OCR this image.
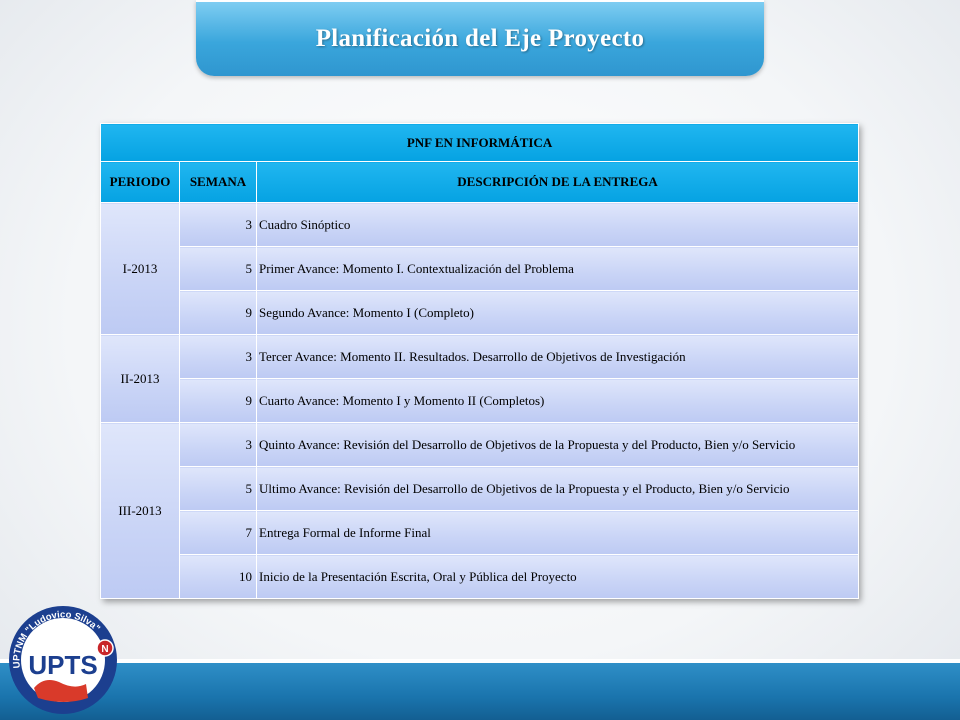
Planificación del Eje Proyecto
PNF EN INFORMÁTICA		
PERIODO	SEMANA	DESCRIPCIÓN DE LA ENTREGA
I-2013	3	Cuadro Sinóptico
	5	Primer Avance: Momento I. Contextualización del Problema
	9	Segundo Avance: Momento I (Completo)
II-2013	3	Tercer Avance: Momento II. Resultados. Desarrollo de Objetivos de Investigación
	9	Cuarto Avance: Momento I y Momento II (Completos)
III-2013	3	Quinto Avance: Revisión del Desarrollo de Objetivos de la Propuesta y del Producto, Bien y/o Servicio
	5	Ultimo Avance: Revisión del Desarrollo de Objetivos de la Propuesta y el Producto, Bien y/o Servicio
	7	Entrega Formal de Informe Final
	10	Inicio de la Presentación Escrita, Oral y Pública del Proyecto
UPTNM "Ludovico Silva"
UPTS
N
